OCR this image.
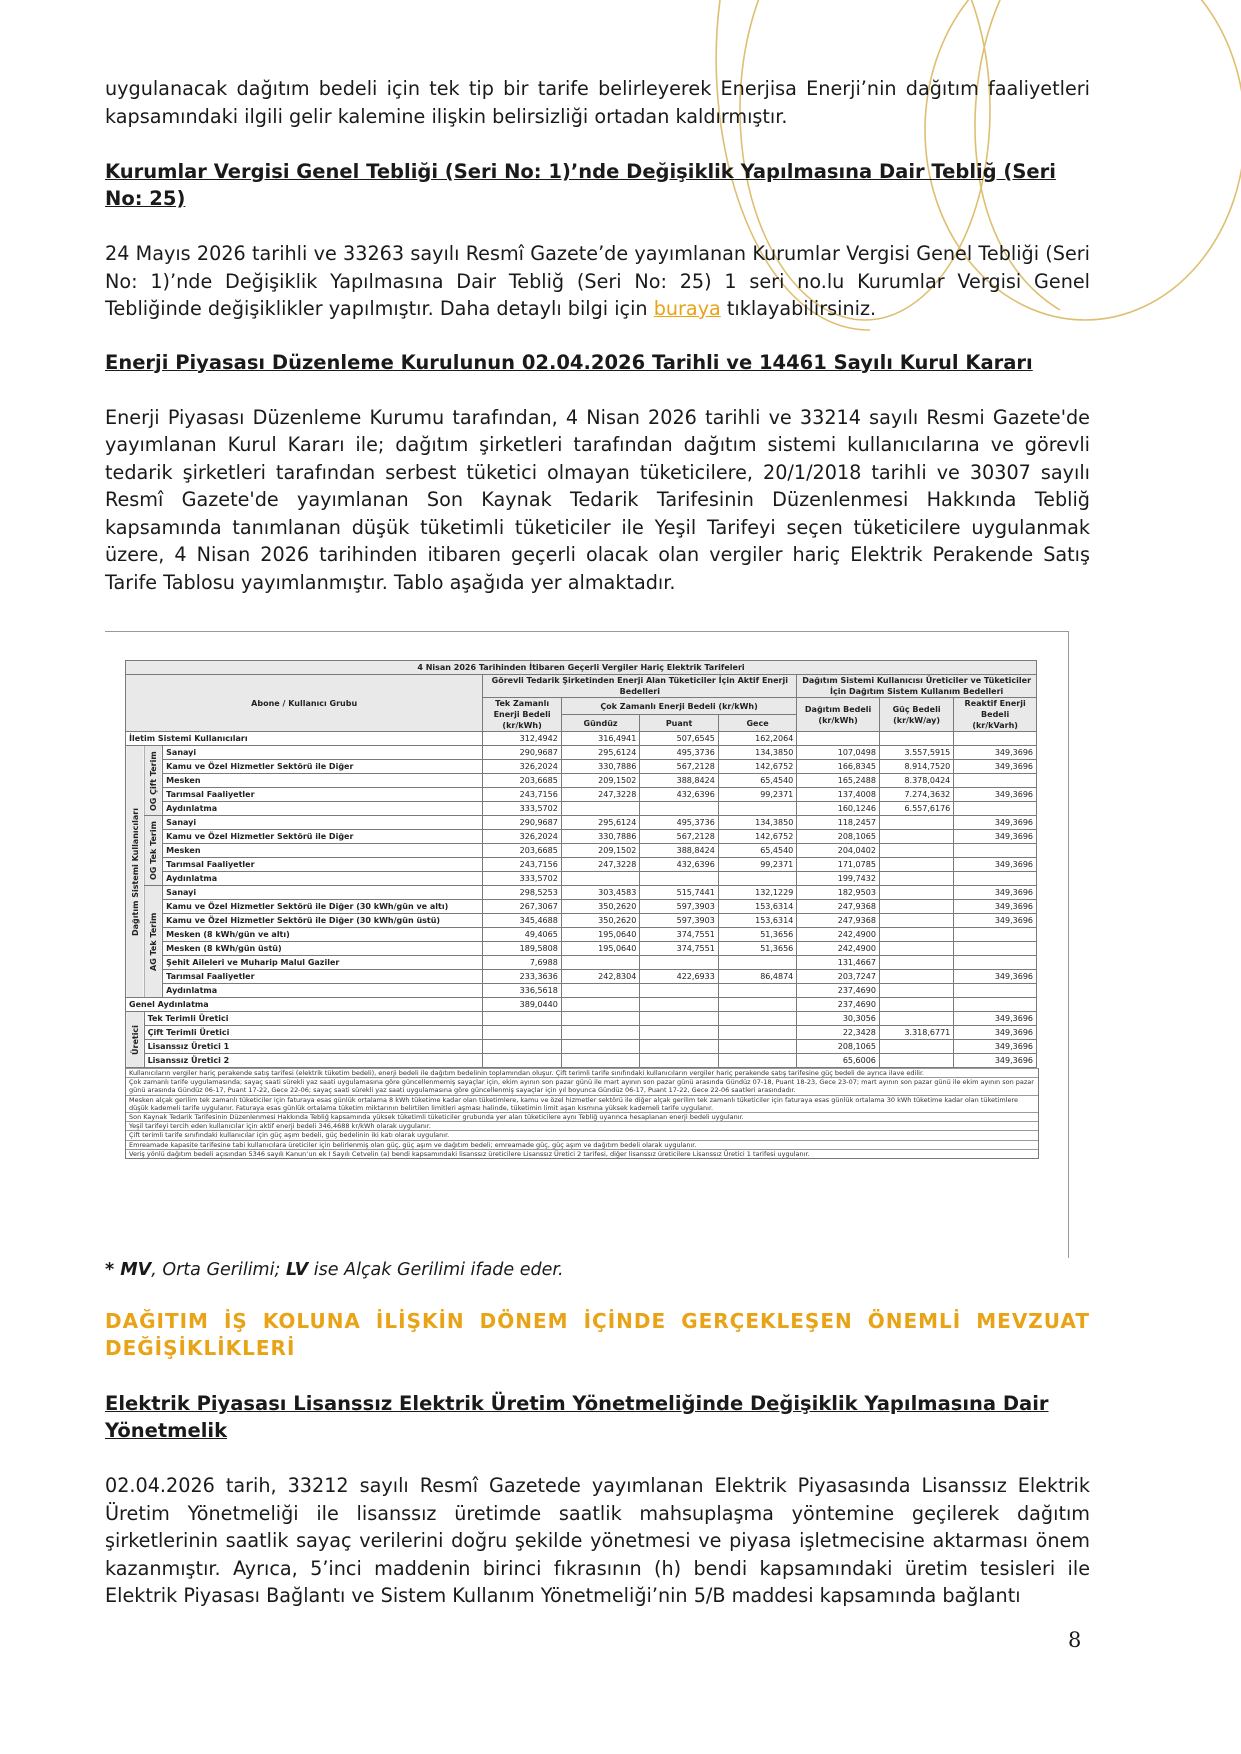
uygulanacak dağıtım bedeli için tek tip bir tarife belirleyerek Enerjisa Enerji’nin dağıtım faaliyetleri kapsamındaki ilgili gelir kalemine ilişkin belirsizliği ortadan kaldırmıştır.

Kurumlar Vergisi Genel Tebliği (Seri No: 1)’nde Değişiklik Yapılmasına Dair Tebliğ (Seri No: 25)

24 Mayıs 2026 tarihli ve 33263 sayılı Resmî Gazete’de yayımlanan Kurumlar Vergisi Genel Tebliği (Seri No: 1)’nde Değişiklik Yapılmasına Dair Tebliğ (Seri No: 25) 1 seri no.lu Kurumlar Vergisi Genel Tebliğinde değişiklikler yapılmıştır. Daha detaylı bilgi için buraya tıklayabilirsiniz.

Enerji Piyasası Düzenleme Kurulunun 02.04.2026 Tarihli ve 14461 Sayılı Kurul Kararı

Enerji Piyasası Düzenleme Kurumu tarafından, 4 Nisan 2026 tarihli ve 33214 sayılı Resmi Gazete'de yayımlanan Kurul Kararı ile; dağıtım şirketleri tarafından dağıtım sistemi kullanıcılarına ve görevli tedarik şirketleri tarafından serbest tüketici olmayan tüketicilere, 20/1/2018 tarihli ve 30307 sayılı Resmî Gazete'de yayımlanan Son Kaynak Tedarik Tarifesinin Düzenlenmesi Hakkında Tebliğ kapsamında tanımlanan düşük tüketimli tüketiciler ile Yeşil Tarifeyi seçen tüketicilere uygulanmak üzere, 4 Nisan 2026 tarihinden itibaren geçerli olacak olan vergiler hariç Elektrik Perakende Satış Tarife Tablosu yayımlanmıştır. Tablo aşağıda yer almaktadır.

4 Nisan 2026 Tarihinden İtibaren Geçerli Vergiler Hariç Elektrik Tarifeleri									
Abone / Kullanıcı Grubu			Görevli Tedarik Şirketinden Enerji Alan Tüketiciler İçin Aktif Enerji Bedelleri				Dağıtım Sistemi Kullanıcısı Üreticiler ve Tüketiciler İçin Dağıtım Sistem Kullanım Bedelleri		
			Tek Zamanlı Enerji Bedeli (kr/kWh)	Çok Zamanlı Enerji Bedeli (kr/kWh)			Dağıtım Bedeli (kr/kWh)	Güç Bedeli (kr/kW/ay)	Reaktif Enerji Bedeli (kr/kVarh)
				Gündüz	Puant	Gece			
İletim Sistemi Kullanıcıları			312,4942	316,4941	507,6545	162,2064			
Dağıtım Sistemi Kullanıcıları	OG Çift Terim	Sanayi	290,9687	295,6124	495,3736	134,3850	107,0498	3.557,5915	349,3696
		Kamu ve Özel Hizmetler Sektörü ile Diğer	326,2024	330,7886	567,2128	142,6752	166,8345	8.914,7520	349,3696
		Mesken	203,6685	209,1502	388,8424	65,4540	165,2488	8.378,0424	
		Tarımsal Faaliyetler	243,7156	247,3228	432,6396	99,2371	137,4008	7.274,3632	349,3696
		Aydınlatma	333,5702				160,1246	6.557,6176	
	OG Tek Terim	Sanayi	290,9687	295,6124	495,3736	134,3850	118,2457		349,3696
		Kamu ve Özel Hizmetler Sektörü ile Diğer	326,2024	330,7886	567,2128	142,6752	208,1065		349,3696
		Mesken	203,6685	209,1502	388,8424	65,4540	204,0402		
		Tarımsal Faaliyetler	243,7156	247,3228	432,6396	99,2371	171,0785		349,3696
		Aydınlatma	333,5702				199,7432		
	AG Tek Terim	Sanayi	298,5253	303,4583	515,7441	132,1229	182,9503		349,3696
		Kamu ve Özel Hizmetler Sektörü ile Diğer (30 kWh/gün ve altı)	267,3067	350,2620	597,3903	153,6314	247,9368		349,3696
		Kamu ve Özel Hizmetler Sektörü ile Diğer (30 kWh/gün üstü)	345,4688	350,2620	597,3903	153,6314	247,9368		349,3696
		Mesken (8 kWh/gün ve altı)	49,4065	195,0640	374,7551	51,3656	242,4900		
		Mesken (8 kWh/gün üstü)	189,5808	195,0640	374,7551	51,3656	242,4900		
		Şehit Aileleri ve Muharip Malul Gaziler	7,6988				131,4667		
		Tarımsal Faaliyetler	233,3636	242,8304	422,6933	86,4874	203,7247		349,3696
		Aydınlatma	336,5618				237,4690		
Genel Aydınlatma			389,0440				237,4690		
Üretici	Tek Terimli Üretici						30,3056		349,3696
	Çift Terimli Üretici						22,3428	3.318,6771	349,3696
	Lisanssız Üretici 1						208,1065		349,3696
	Lisanssız Üretici 2						65,6006		349,3696
Kullanıcıların vergiler hariç perakende satış tarifesi (elektrik tüketim bedeli), enerji bedeli ile dağıtım bedelinin toplamından oluşur. Çift terimli tarife sınıfındaki kullanıcıların vergiler hariç perakende satış tarifesine güç bedeli de ayrıca ilave edilir.
Çok zamanlı tarife uygulamasında; sayaç saati sürekli yaz saati uygulamasına göre güncellenmemiş sayaçlar için, ekim ayının son pazar günü ile mart ayının son pazar günü arasında Gündüz 07-18, Puant 18-23, Gece 23-07; mart ayının son pazar günü ile ekim ayının son pazar günü arasında Gündüz 06-17, Puant 17-22, Gece 22-06; sayaç saati sürekli yaz saati uygulamasına göre güncellenmiş sayaçlar için yıl boyunca Gündüz 06-17, Puant 17-22, Gece 22-06 saatleri arasındadır.
Mesken alçak gerilim tek zamanlı tüketiciler için faturaya esas günlük ortalama 8 kWh tüketime kadar olan tüketimlere, kamu ve özel hizmetler sektörü ile diğer alçak gerilim tek zamanlı tüketiciler için faturaya esas günlük ortalama 30 kWh tüketime kadar olan tüketimlere düşük kademeli tarife uygulanır. Faturaya esas günlük ortalama tüketim miktarının belirtilen limitleri aşması halinde, tüketimin limit aşan kısmına yüksek kademeli tarife uygulanır.
Son Kaynak Tedarik Tarifesinin Düzenlenmesi Hakkında Tebliğ kapsamında yüksek tüketimli tüketiciler grubunda yer alan tüketicilere aynı Tebliğ uyarınca hesaplanan enerji bedeli uygulanır.
Yeşil tarifeyi tercih eden kullanıcılar için aktif enerji bedeli 346,4688 kr/kWh olarak uygulanır.
Çift terimli tarife sınıfındaki kullanıcılar için güç aşım bedeli, güç bedelinin iki katı olarak uygulanır.
Emreamade kapasite tarifesine tabi kullanıcılara üreticiler için belirlenmiş olan güç, güç aşım ve dağıtım bedeli; emreamade güç, güç aşım ve dağıtım bedeli olarak uygulanır.
Veriş yönlü dağıtım bedeli açısından 5346 sayılı Kanun’un ek I Sayılı Cetvelin (a) bendi kapsamındaki lisanssız üreticilere Lisanssız Üretici 2 tarifesi, diğer lisanssız üreticilere Lisanssız Üretici 1 tarifesi uygulanır.
* MV, Orta Gerilimi; LV ise Alçak Gerilimi ifade eder.
DAĞITIM İŞ KOLUNA İLİŞKİN DÖNEM İÇİNDE GERÇEKLEŞEN ÖNEMLİ MEVZUAT DEĞİŞİKLİKLERİ
Elektrik Piyasası Lisanssız Elektrik Üretim Yönetmeliğinde Değişiklik Yapılmasına Dair Yönetmelik

02.04.2026 tarih, 33212 sayılı Resmî Gazetede yayımlanan Elektrik Piyasasında Lisanssız Elektrik Üretim Yönetmeliği ile lisanssız üretimde saatlik mahsuplaşma yöntemine geçilerek dağıtım şirketlerinin saatlik sayaç verilerini doğru şekilde yönetmesi ve piyasa işletmecisine aktarması önem kazanmıştır. Ayrıca, 5’inci maddenin birinci fıkrasının (h) bendi kapsamındaki üretim tesisleri ile Elektrik Piyasası Bağlantı ve Sistem Kullanım Yönetmeliği’nin 5/B maddesi kapsamında bağlantı

8
